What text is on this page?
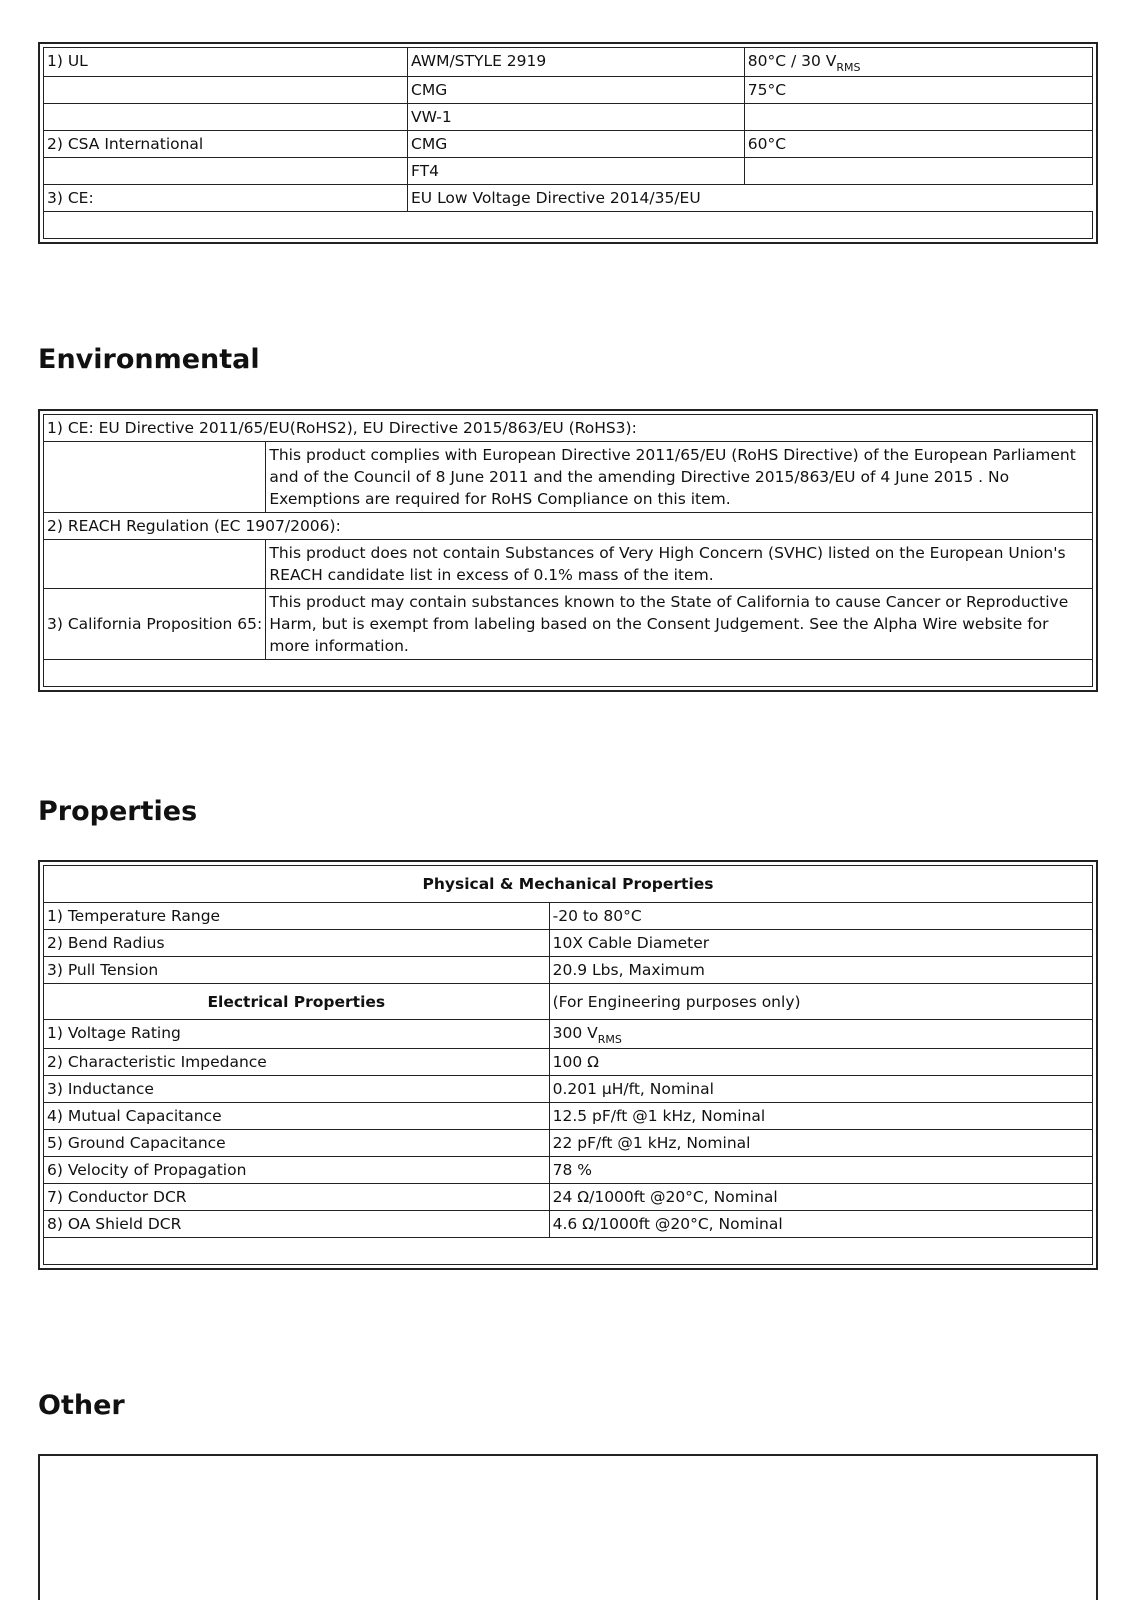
1) UL	AWM/STYLE 2919	80°C / 30 $V_{RMS}$
	CMG	75°C
	VW-1	
2) CSA International	CMG	60°C
	FT4	
3) CE:	EU Low Voltage Directive 2014/35/EU	

Environmental
1) CE: EU Directive 2011/65/EU(RoHS2), EU Directive 2015/863/EU (RoHS3):	
	This product complies with European Directive 2011/65/EU (RoHS Directive) of the European Parliament and of the Council of 8 June 2011 and the amending Directive 2015/863/EU of 4 June 2015 . No Exemptions are required for RoHS Compliance on this item.
2) REACH Regulation (EC 1907/2006):	
	This product does not contain Substances of Very High Concern (SVHC) listed on the European Union's REACH candidate list in excess of 0.1% mass of the item.
3) California Proposition 65:	This product may contain substances known to the State of California to cause Cancer or Reproductive Harm, but is exempt from labeling based on the Consent Judgement. See the Alpha Wire website for more information.

Properties
Physical & Mechanical Properties	
1) Temperature Range	-20 to 80°C
2) Bend Radius	10X Cable Diameter
3) Pull Tension	20.9 Lbs, Maximum
Electrical Properties	(For Engineering purposes only)
1) Voltage Rating	300 $V_{RMS}$
2) Characteristic Impedance	100 Ω
3) Inductance	0.201 µH/ft, Nominal
4) Mutual Capacitance	12.5 pF/ft @1 kHz, Nominal
5) Ground Capacitance	22 pF/ft @1 kHz, Nominal
6) Velocity of Propagation	78 %
7) Conductor DCR	24 Ω/1000ft @20°C, Nominal
8) OA Shield DCR	4.6 Ω/1000ft @20°C, Nominal

Other
